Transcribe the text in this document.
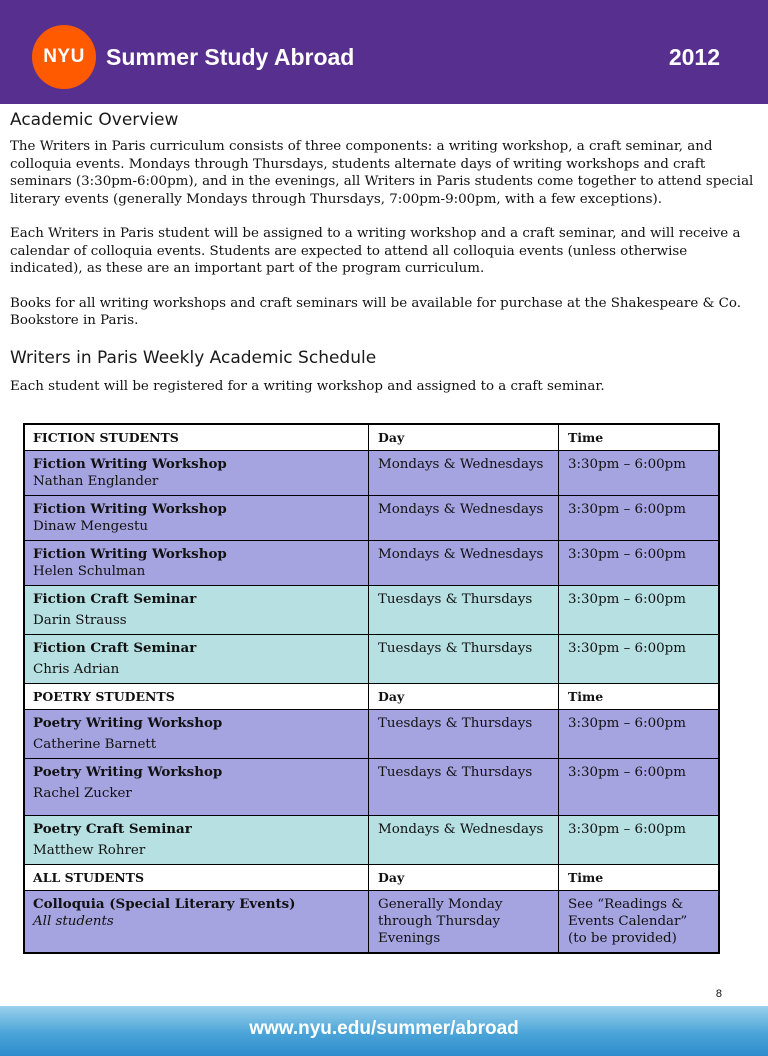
NYU Summer Study Abroad	2012
Academic Overview

The Writers in Paris curriculum consists of three components: a writing workshop, a craft seminar, and colloquia events. Mondays through Thursdays, students alternate days of writing workshops and craft seminars (3:30pm-6:00pm), and in the evenings, all Writers in Paris students come together to attend special literary events (generally Mondays through Thursdays, 7:00pm-9:00pm, with a few exceptions).

Each Writers in Paris student will be assigned to a writing workshop and a craft seminar, and will receive a calendar of colloquia events. Students are expected to attend all colloquia events (unless otherwise indicated), as these are an important part of the program curriculum.

Books for all writing workshops and craft seminars will be available for purchase at the Shakespeare & Co. Bookstore in Paris.

Writers in Paris Weekly Academic Schedule

Each student will be registered for a writing workshop and assigned to a craft seminar.

FICTION STUDENTS	Day	Time

Fiction Writing Workshop
Nathan Englander	Mondays & Wednesdays	3:30pm – 6:00pm

Fiction Writing Workshop
Dinaw Mengestu	Mondays & Wednesdays	3:30pm – 6:00pm

Fiction Writing Workshop
Helen Schulman	Mondays & Wednesdays	3:30pm – 6:00pm

Fiction Craft Seminar
Darin Strauss	Tuesdays & Thursdays	3:30pm – 6:00pm

Fiction Craft Seminar
Chris Adrian	Tuesdays & Thursdays	3:30pm – 6:00pm
POETRY STUDENTS	Day	Time

Poetry Writing Workshop
Catherine Barnett	Tuesdays & Thursdays	3:30pm – 6:00pm

Poetry Writing Workshop
Rachel Zucker	Tuesdays & Thursdays	3:30pm – 6:00pm

Poetry Craft Seminar
Matthew Rohrer	Mondays & Wednesdays	3:30pm – 6:00pm
ALL STUDENTS	Day	Time

Colloquia (Special Literary Events)
All students	Generally Monday through Thursday Evenings	See “Readings & Events Calendar” (to be provided)
8
www.nyu.edu/summer/abroad
